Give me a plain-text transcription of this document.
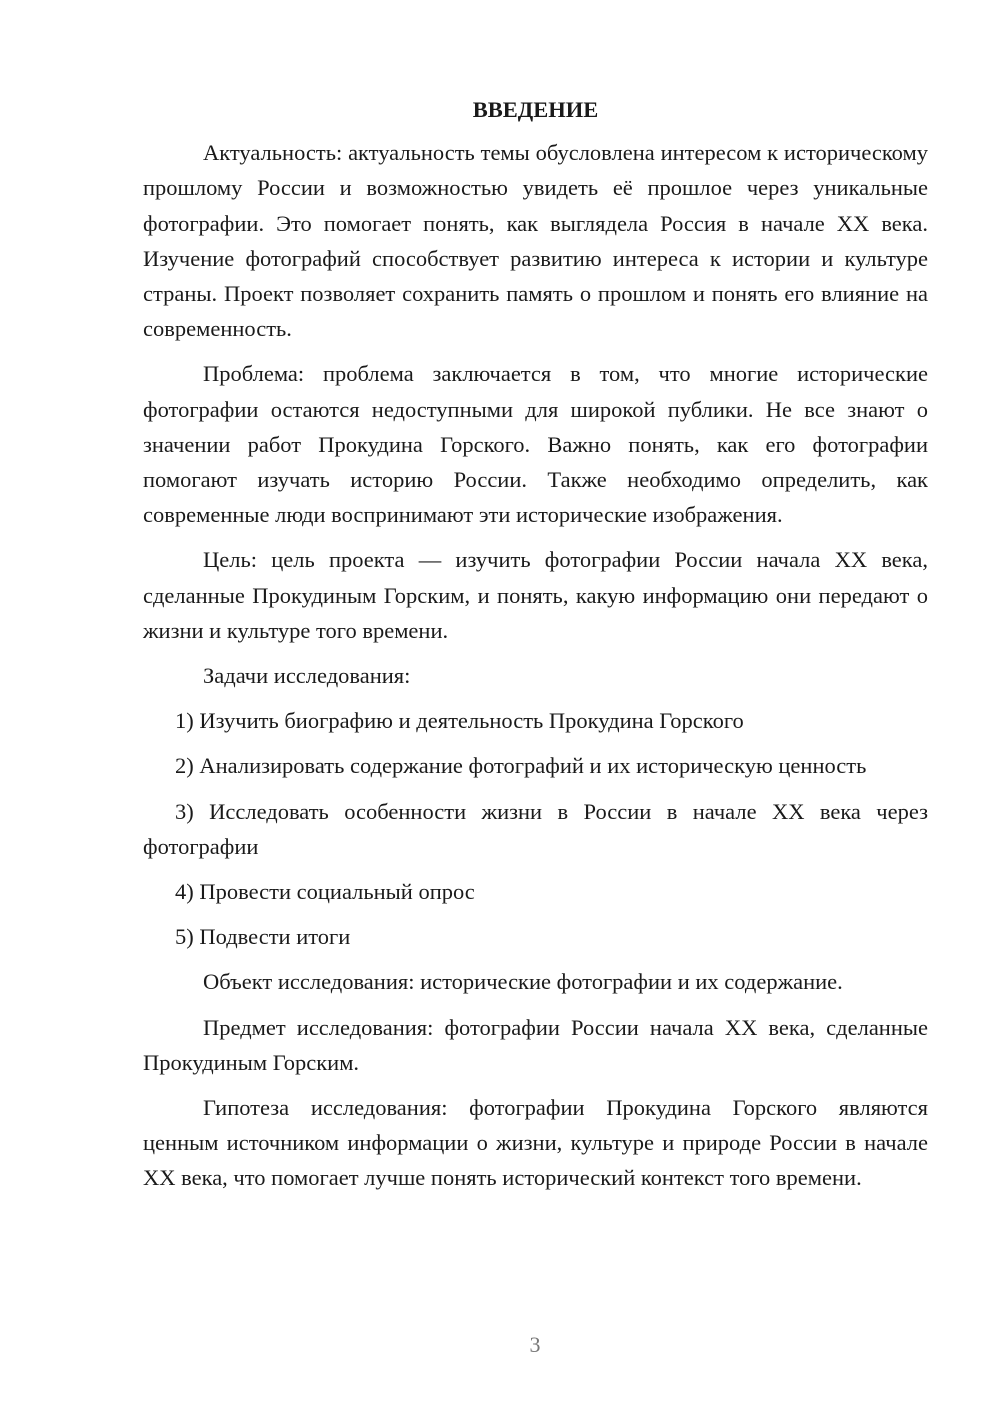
ВВЕДЕНИЕ

Актуальность: актуальность темы обусловлена интересом к историческому прошлому России и возможностью увидеть её прошлое через уникальные фотографии. Это помогает понять, как выглядела Россия в начале XX века. Изучение фотографий способствует развитию интереса к истории и культуре страны. Проект позволяет сохранить память о прошлом и понять его влияние на современность.

Проблема: проблема заключается в том, что многие исторические фотографии остаются недоступными для широкой публики. Не все знают о значении работ Прокудина Горского. Важно понять, как его фотографии помогают изучать историю России. Также необходимо определить, как современные люди воспринимают эти исторические изображения.

Цель: цель проекта — изучить фотографии России начала XX века, сделанные Прокудиным Горским, и понять, какую информацию они передают о жизни и культуре того времени.

Задачи исследования:

1) Изучить биографию и деятельность Прокудина Горского

2) Анализировать содержание фотографий и их историческую ценность

3) Исследовать особенности жизни в России в начале XX века через фотографии

4) Провести социальный опрос

5) Подвести итоги

Объект исследования: исторические фотографии и их содержание.

Предмет исследования: фотографии России начала XX века, сделанные Прокудиным Горским.

Гипотеза исследования: фотографии Прокудина Горского являются ценным источником информации о жизни, культуре и природе России в начале XX века, что помогает лучше понять исторический контекст того времени.

3
